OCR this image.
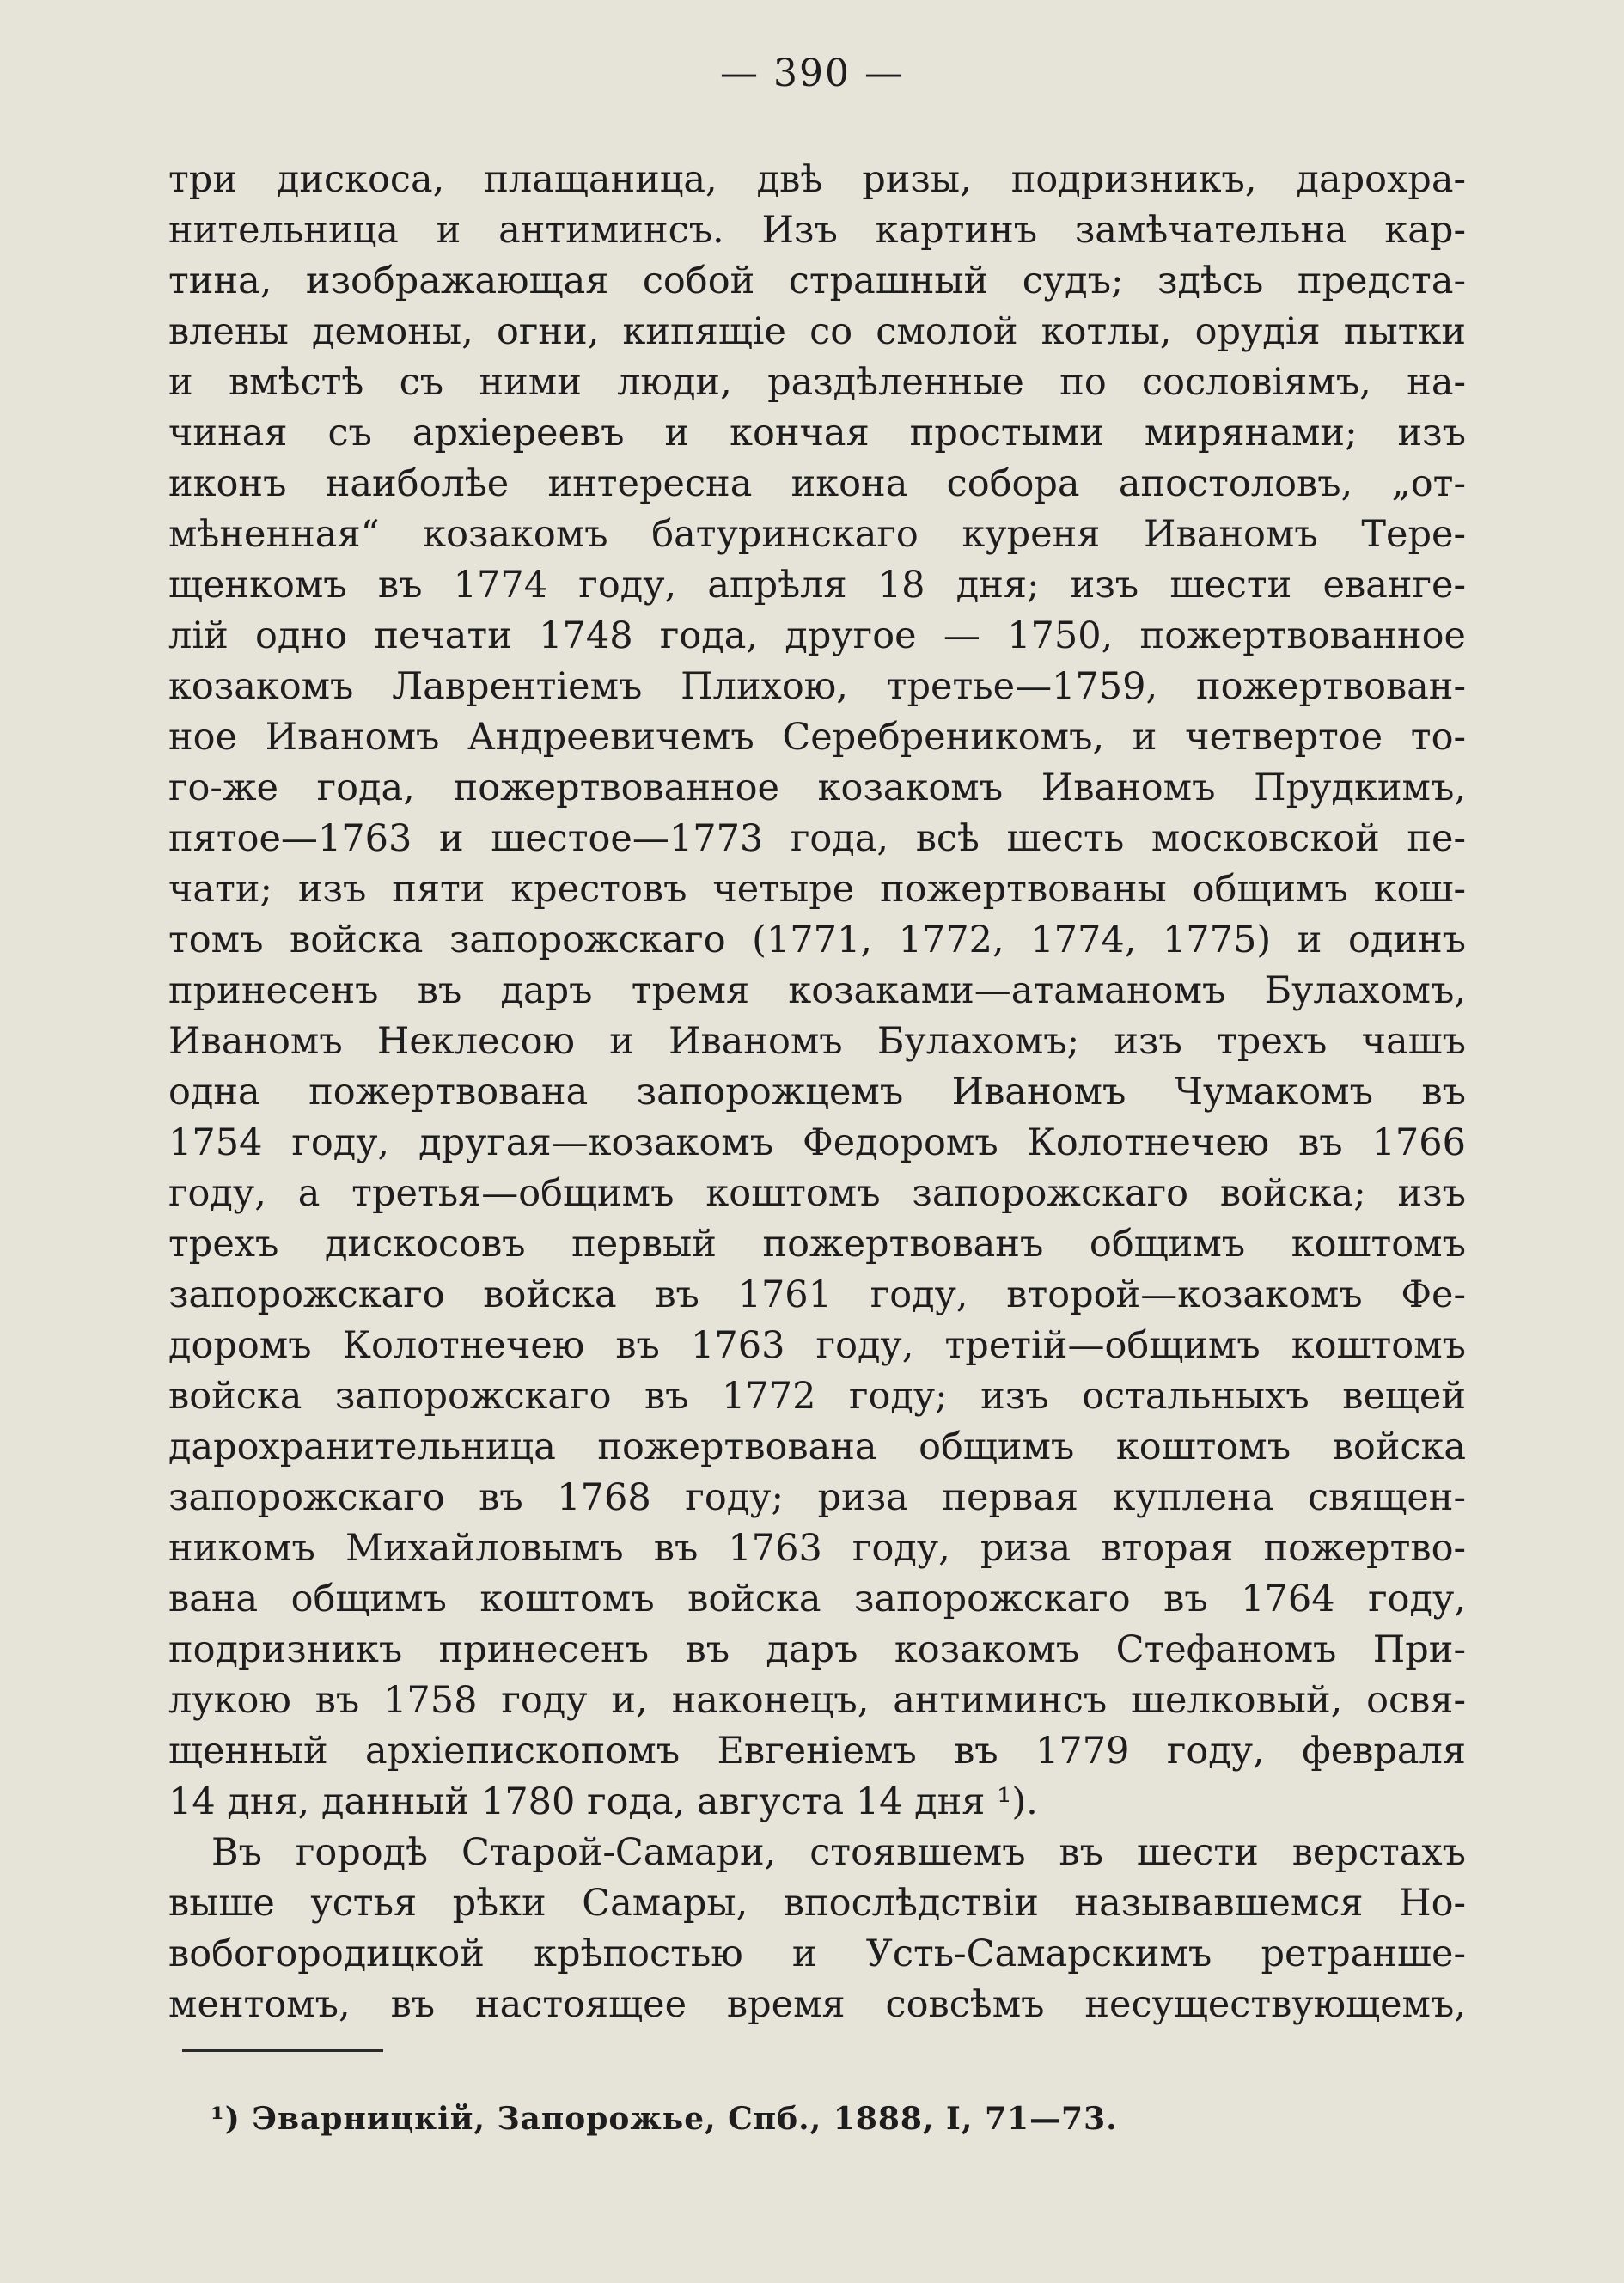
— 390 —
три дискоса, плащаница, двѣ ризы, подризникъ, дарохра-
нительница и антиминсъ. Изъ картинъ замѣчательна кар-
тина, изображающая собой страшный судъ; здѣсь предста-
влены демоны, огни, кипящіе со смолой котлы, орудія пытки
и вмѣстѣ съ ними люди, раздѣленные по сословіямъ, на-
чиная съ архіереевъ и кончая простыми мирянами; изъ
иконъ наиболѣе интересна икона собора апостоловъ, „от-
мѣненная“ козакомъ батуринскаго куреня Иваномъ Тере-
щенкомъ въ 1774 году, апрѣля 18 дня; изъ шести еванге-
лій одно печати 1748 года, другое — 1750, пожертвованное
козакомъ Лаврентіемъ Плихою, третье—1759, пожертвован-
ное Иваномъ Андреевичемъ Серебреникомъ, и четвертое то-
го-же года, пожертвованное козакомъ Иваномъ Прудкимъ,
пятое—1763 и шестое—1773 года, всѣ шесть московской пе-
чати; изъ пяти крестовъ четыре пожертвованы общимъ кош-
томъ войска запорожскаго (1771, 1772, 1774, 1775) и одинъ
принесенъ въ даръ тремя козаками—атаманомъ Булахомъ,
Иваномъ Неклесою и Иваномъ Булахомъ; изъ трехъ чашъ
одна пожертвована запорожцемъ Иваномъ Чумакомъ въ
1754 году, другая—козакомъ Федоромъ Колотнечею въ 1766
году, а третья—общимъ коштомъ запорожскаго войска; изъ
трехъ дискосовъ первый пожертвованъ общимъ коштомъ
запорожскаго войска въ 1761 году, второй—козакомъ Фе-
доромъ Колотнечею въ 1763 году, третій—общимъ коштомъ
войска запорожскаго въ 1772 году; изъ остальныхъ вещей
дарохранительница пожертвована общимъ коштомъ войска
запорожскаго въ 1768 году; риза первая куплена священ-
никомъ Михайловымъ въ 1763 году, риза вторая пожертво-
вана общимъ коштомъ войска запорожскаго въ 1764 году,
подризникъ принесенъ въ даръ козакомъ Стефаномъ При-
лукою въ 1758 году и, наконецъ, антиминсъ шелковый, освя-
щенный архіепископомъ Евгеніемъ въ 1779 году, февраля
14 дня, данный 1780 года, августа 14 дня ¹).
Въ городѣ Старой-Самари, стоявшемъ въ шести верстахъ
выше устья рѣки Самары, впослѣдствіи называвшемся Но-
вобогородицкой крѣпостью и Усть-Самарскимъ ретранше-
ментомъ, въ настоящее время совсѣмъ несуществующемъ,
¹) Эварницкій, Запорожье, Спб., 1888, I, 71—73.
